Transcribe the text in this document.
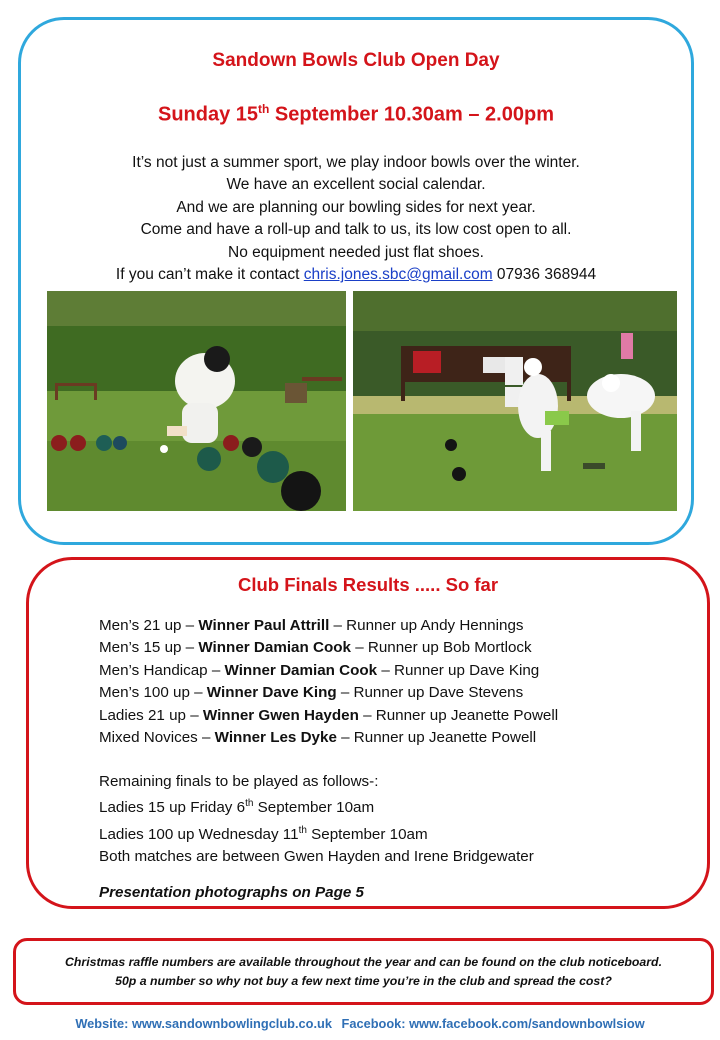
Sandown Bowls Club Open Day
Sunday 15th September 10.30am – 2.00pm
It’s not just a summer sport, we play indoor bowls over the winter.
We have an excellent social calendar.
And we are planning our bowling sides for next year.
Come and have a roll-up and talk to us, its low cost open to all.
No equipment needed just flat shoes.
If you can’t make it contact chris.jones.sbc@gmail.com 07936 368944
Club Finals Results ..... So far
Men’s 21 up – Winner Paul Attrill – Runner up Andy Hennings
Men’s 15 up – Winner Damian Cook – Runner up Bob Mortlock
Men’s Handicap – Winner Damian Cook – Runner up Dave King
Men’s 100 up – Winner Dave King – Runner up Dave Stevens
Ladies 21 up – Winner Gwen Hayden – Runner up Jeanette Powell
Mixed Novices – Winner Les Dyke – Runner up Jeanette Powell
Remaining finals to be played as follows-:
Ladies 15 up Friday 6th September 10am
Ladies 100 up Wednesday 11th September 10am
Both matches are between Gwen Hayden and Irene Bridgewater
Presentation photographs on Page 5
Christmas raffle numbers are available throughout the year and can be found on the club noticeboard.
50p a number so why not buy a few next time you’re in the club and spread the cost?
Website: www.sandownbowlingclub.co.uk Facebook: www.facebook.com/sandownbowlsiow
